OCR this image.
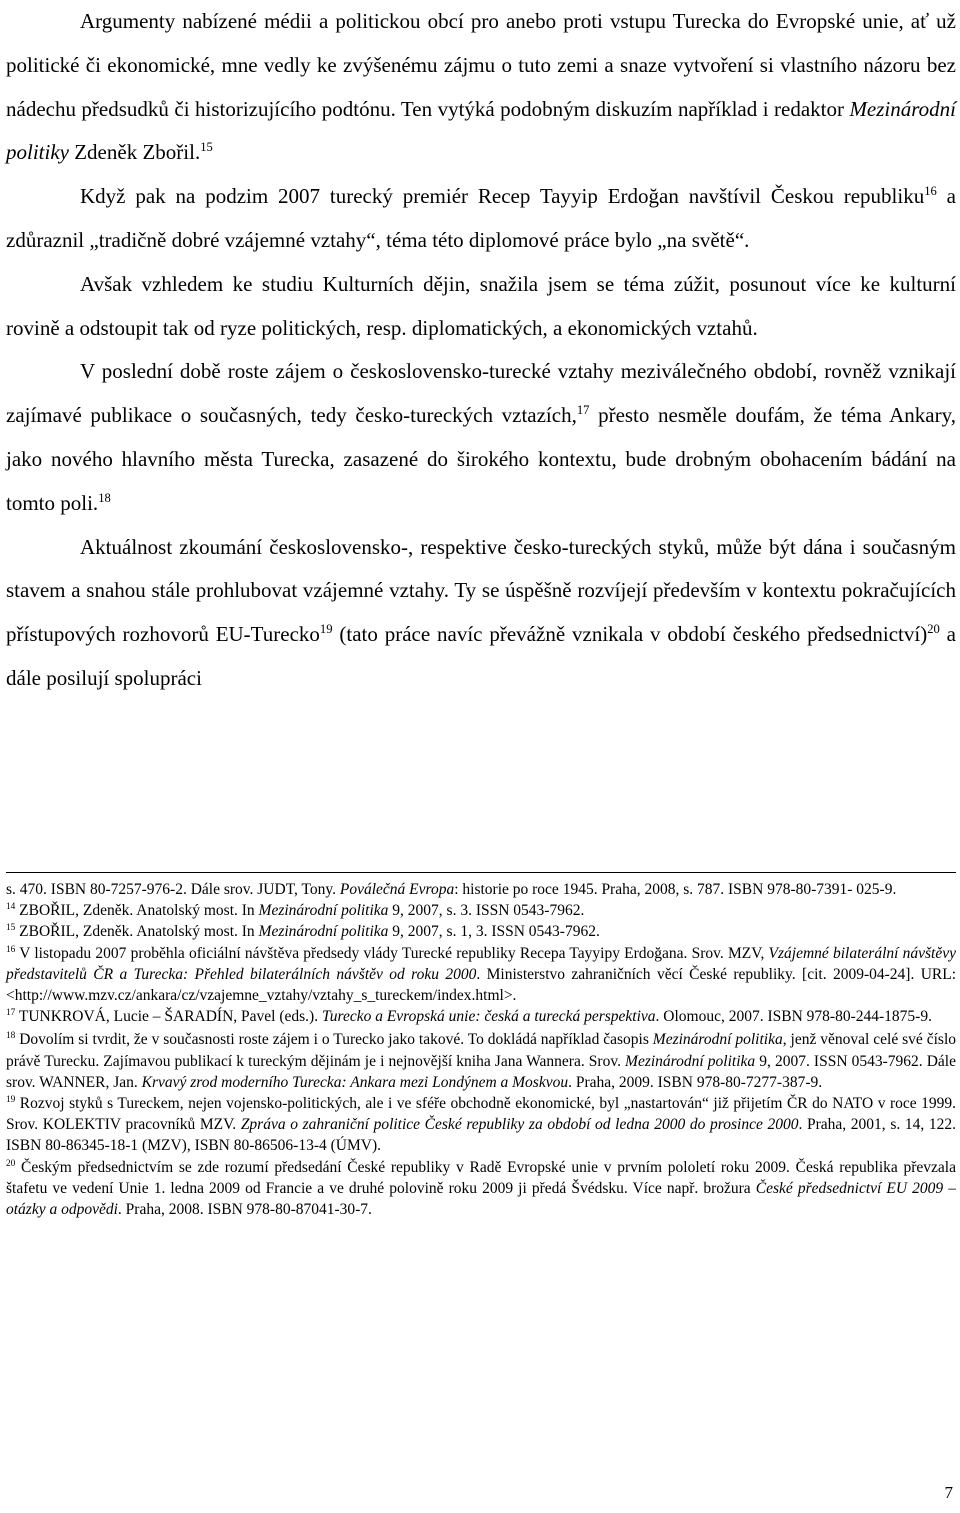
Argumenty nabízené médii a politickou obcí pro anebo proti vstupu Turecka do Evropské unie, ať už politické či ekonomické, mne vedly ke zvýšenému zájmu o tuto zemi a snaze vytvoření si vlastního názoru bez nádechu předsudků či historizujícího podtónu. Ten vytýká podobným diskuzím například i redaktor Mezinárodní politiky Zdeněk Zbořil.$^{15}$

Když pak na podzim 2007 turecký premiér Recep Tayyip Erdoğan navštívil Českou republiku$^{16}$ a zdůraznil „tradičně dobré vzájemné vztahy“, téma této diplomové práce bylo „na světě“.

Avšak vzhledem ke studiu Kulturních dějin, snažila jsem se téma zúžit, posunout více ke kulturní rovině a odstoupit tak od ryze politických, resp. diplomatických, a ekonomických vztahů.

V poslední době roste zájem o československo-turecké vztahy meziválečného období, rovněž vznikají zajímavé publikace o současných, tedy česko-tureckých vztazích,$^{17}$ přesto nesměle doufám, že téma Ankary, jako nového hlavního města Turecka, zasazené do širokého kontextu, bude drobným obohacením bádání na tomto poli.$^{18}$

Aktuálnost zkoumání československo-, respektive česko-tureckých styků, může být dána i současným stavem a snahou stále prohlubovat vzájemné vztahy. Ty se úspěšně rozvíjejí především v kontextu pokračujících přístupových rozhovorů EU-Turecko$^{19}$ (tato práce navíc převážně vznikala v období českého předsednictví)$^{20}$ a dále posilují spolupráci

s. 470. ISBN 80-7257-976-2. Dále srov. JUDT, Tony. Poválečná Evropa: historie po roce 1945. Praha, 2008, s. 787. ISBN 978-80-7391- 025-9.

$^{14}$ ZBOŘIL, Zdeněk. Anatolský most. In Mezinárodní politika 9, 2007, s. 3. ISSN 0543-7962.

$^{15}$ ZBOŘIL, Zdeněk. Anatolský most. In Mezinárodní politika 9, 2007, s. 1, 3. ISSN 0543-7962.

$^{16}$ V listopadu 2007 proběhla oficiální návštěva předsedy vlády Turecké republiky Recepa Tayyipy Erdoğana. Srov. MZV, Vzájemné bilaterální návštěvy představitelů ČR a Turecka: Přehled bilaterálních návštěv od roku 2000. Ministerstvo zahraničních věcí České republiky. [cit. 2009-04-24]. URL: <http://www.mzv.cz/ankara/cz/vzajemne_vztahy/vztahy_s_tureckem/index.html>.

$^{17}$ TUNKROVÁ, Lucie – ŠARADÍN, Pavel (eds.). Turecko a Evropská unie: česká a turecká perspektiva. Olomouc, 2007. ISBN 978-80-244-1875-9.

$^{18}$ Dovolím si tvrdit, že v současnosti roste zájem i o Turecko jako takové. To dokládá například časopis Mezinárodní politika, jenž věnoval celé své číslo právě Turecku. Zajímavou publikací k tureckým dějinám je i nejnovější kniha Jana Wannera. Srov. Mezinárodní politika 9, 2007. ISSN 0543-7962. Dále srov. WANNER, Jan. Krvavý zrod moderního Turecka: Ankara mezi Londýnem a Moskvou. Praha, 2009. ISBN 978-80-7277-387-9.

$^{19}$ Rozvoj styků s Tureckem, nejen vojensko-politických, ale i ve sféře obchodně ekonomické, byl „nastartován“ již přijetím ČR do NATO v roce 1999. Srov. KOLEKTIV pracovníků MZV. Zpráva o zahraniční politice České republiky za období od ledna 2000 do prosince 2000. Praha, 2001, s. 14, 122. ISBN 80-86345-18-1 (MZV), ISBN 80-86506-13-4 (ÚMV).

$^{20}$ Českým předsednictvím se zde rozumí předsedání České republiky v Radě Evropské unie v prvním pololetí roku 2009. Česká republika převzala štafetu ve vedení Unie 1. ledna 2009 od Francie a ve druhé polovině roku 2009 ji předá Švédsku. Více např. brožura České předsednictví EU 2009 – otázky a odpovědi. Praha, 2008. ISBN 978-80-87041-30-7.

7
